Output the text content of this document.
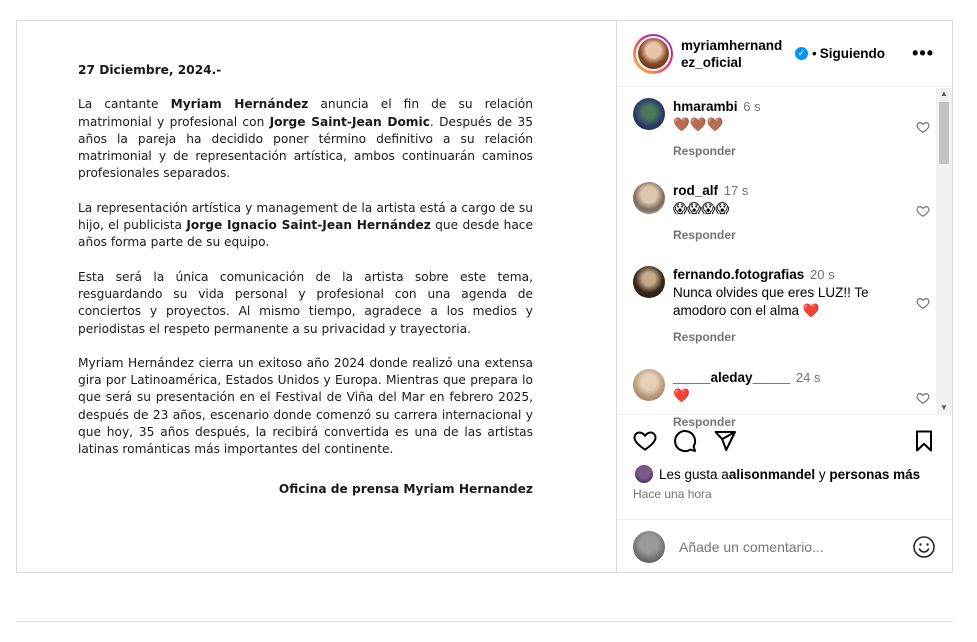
27 Diciembre, 2024.-

La cantante Myriam Hernández anuncia el fin de su relación matrimonial y profesional con Jorge Saint-Jean Domic. Después de 35 años la pareja ha decidido poner término definitivo a su relación matrimonial y de representación artística, ambos continuarán caminos profesionales separados.

La representación artística y management de la artista está a cargo de su hijo, el publicista Jorge Ignacio Saint-Jean Hernández que desde hace años forma parte de su equipo.

Esta será la única comunicación de la artista sobre este tema, resguardando su vida personal y profesional con una agenda de conciertos y proyectos. Al mismo tiempo, agradece a los medios y periodistas el respeto permanente a su privacidad y trayectoria.

Myriam Hernández cierra un exitoso año 2024 donde realizó una extensa gira por Latinoamérica, Estados Unidos y Europa. Mientras que prepara lo que será su presentación en el Festival de Viña del Mar en febrero 2025, después de 23 años, escenario donde comenzó su carrera internacional y que hoy, 35 años después, la recibirá convertida es una de las artistas latinas románticas más importantes del continente.

Oficina de prensa Myriam Hernandez

myriamhernandez_oficial
✓ • Siguiendo •••
hmarambi 6 s
🤎🤎🤎
Responder
rod_alf 17 s
😱😱😱😱
Responder
fernando.fotografias 20 s
Nunca olvides que eres LUZ!! Te amodoro con el alma ❤️
Responder
_____aleday_____ 24 s
❤️
Responder
▲
▼
Les gusta a alisonmandel y personas más
Hace una hora
Añade un comentario...
